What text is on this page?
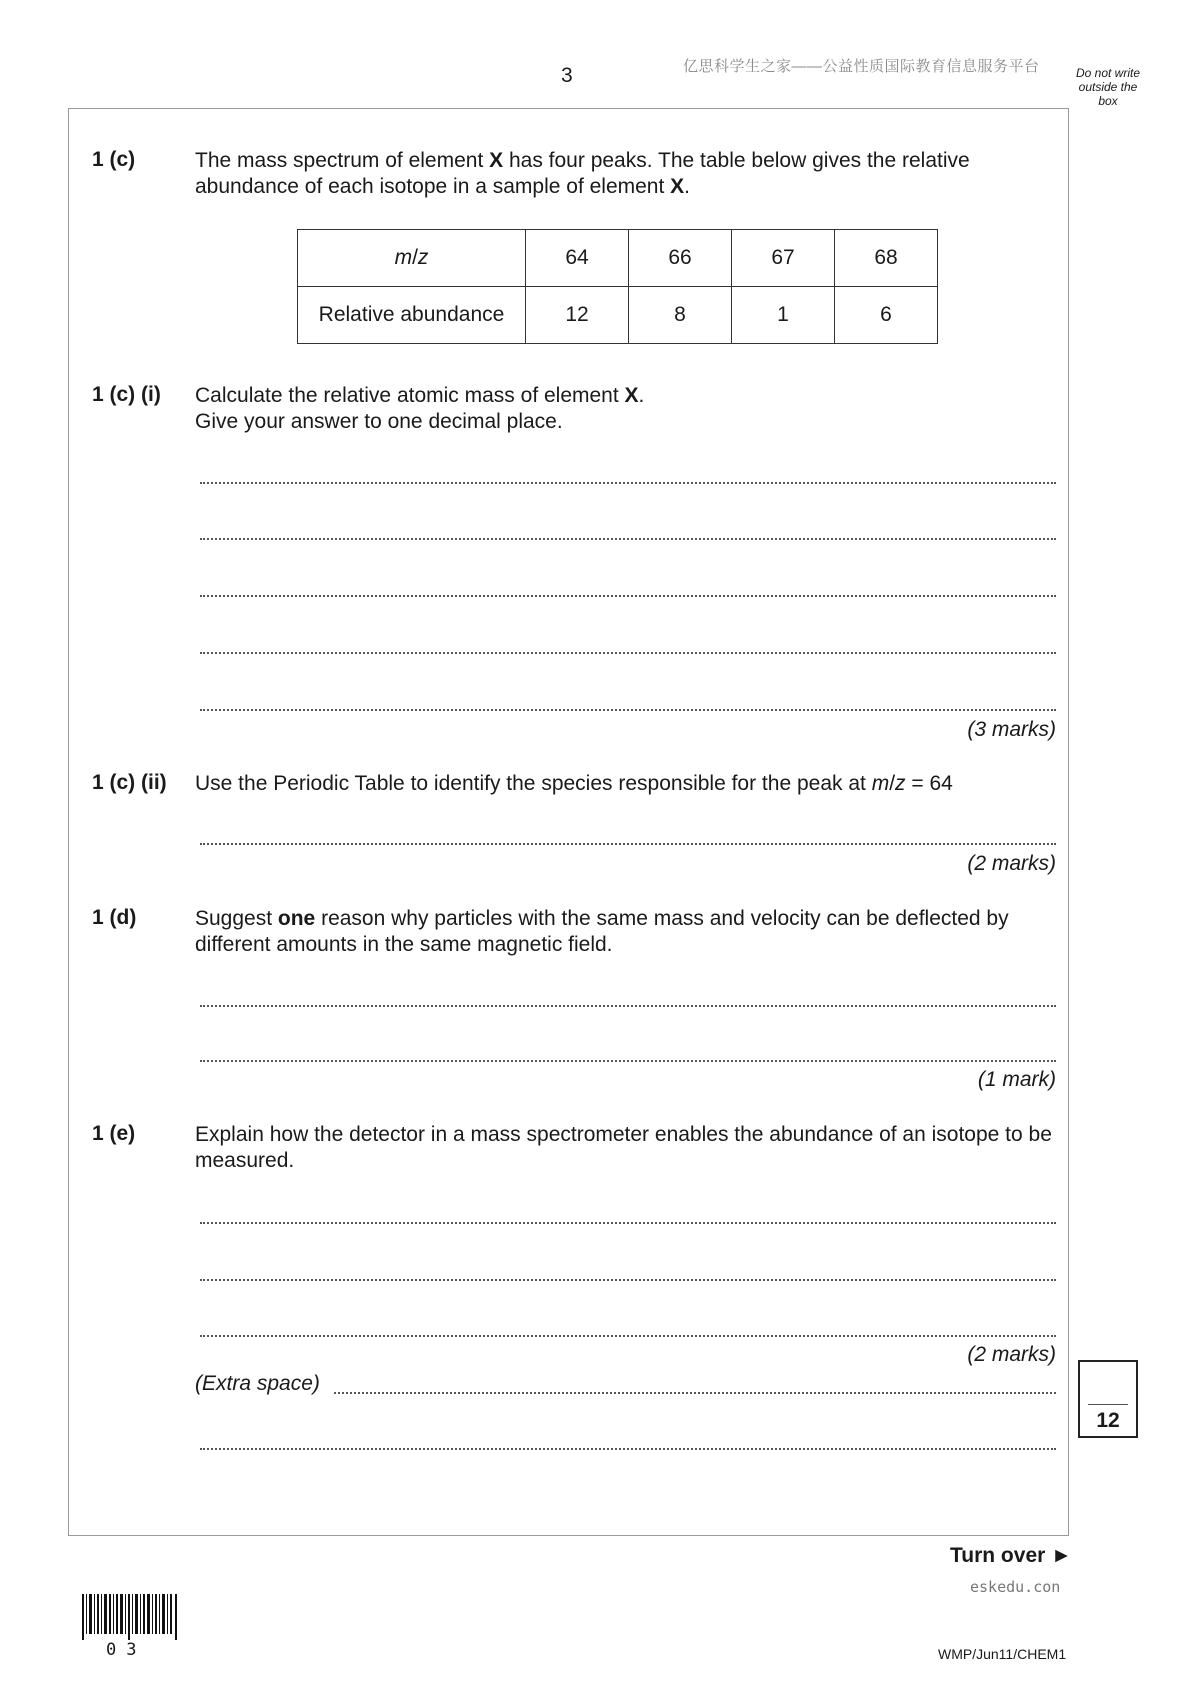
3	亿思科学生之家——公益性质国际教育信息服务平台	Do not write outside the box
1 (c)	The mass spectrum of element X has four peaks. The table below gives the relative abundance of each isotope in a sample of element X.
m/z	64	66	67	68
Relative abundance	12	8	1	6
1 (c) (i) Calculate the relative atomic mass of element X.
Give your answer to one decimal place.
(3 marks)
1 (c) (ii) Use the Periodic Table to identify the species responsible for the peak at m/z = 64
(2 marks)
1 (d)	Suggest one reason why particles with the same mass and velocity can be deflected by different amounts in the same magnetic field.
(1 mark)
1 (e)	Explain how the detector in a mass spectrometer enables the abundance of an isotope to be measured.
(2 marks)
(Extra space)
12
Turn over ►
eskedu.con
03	WMP/Jun11/CHEM1
